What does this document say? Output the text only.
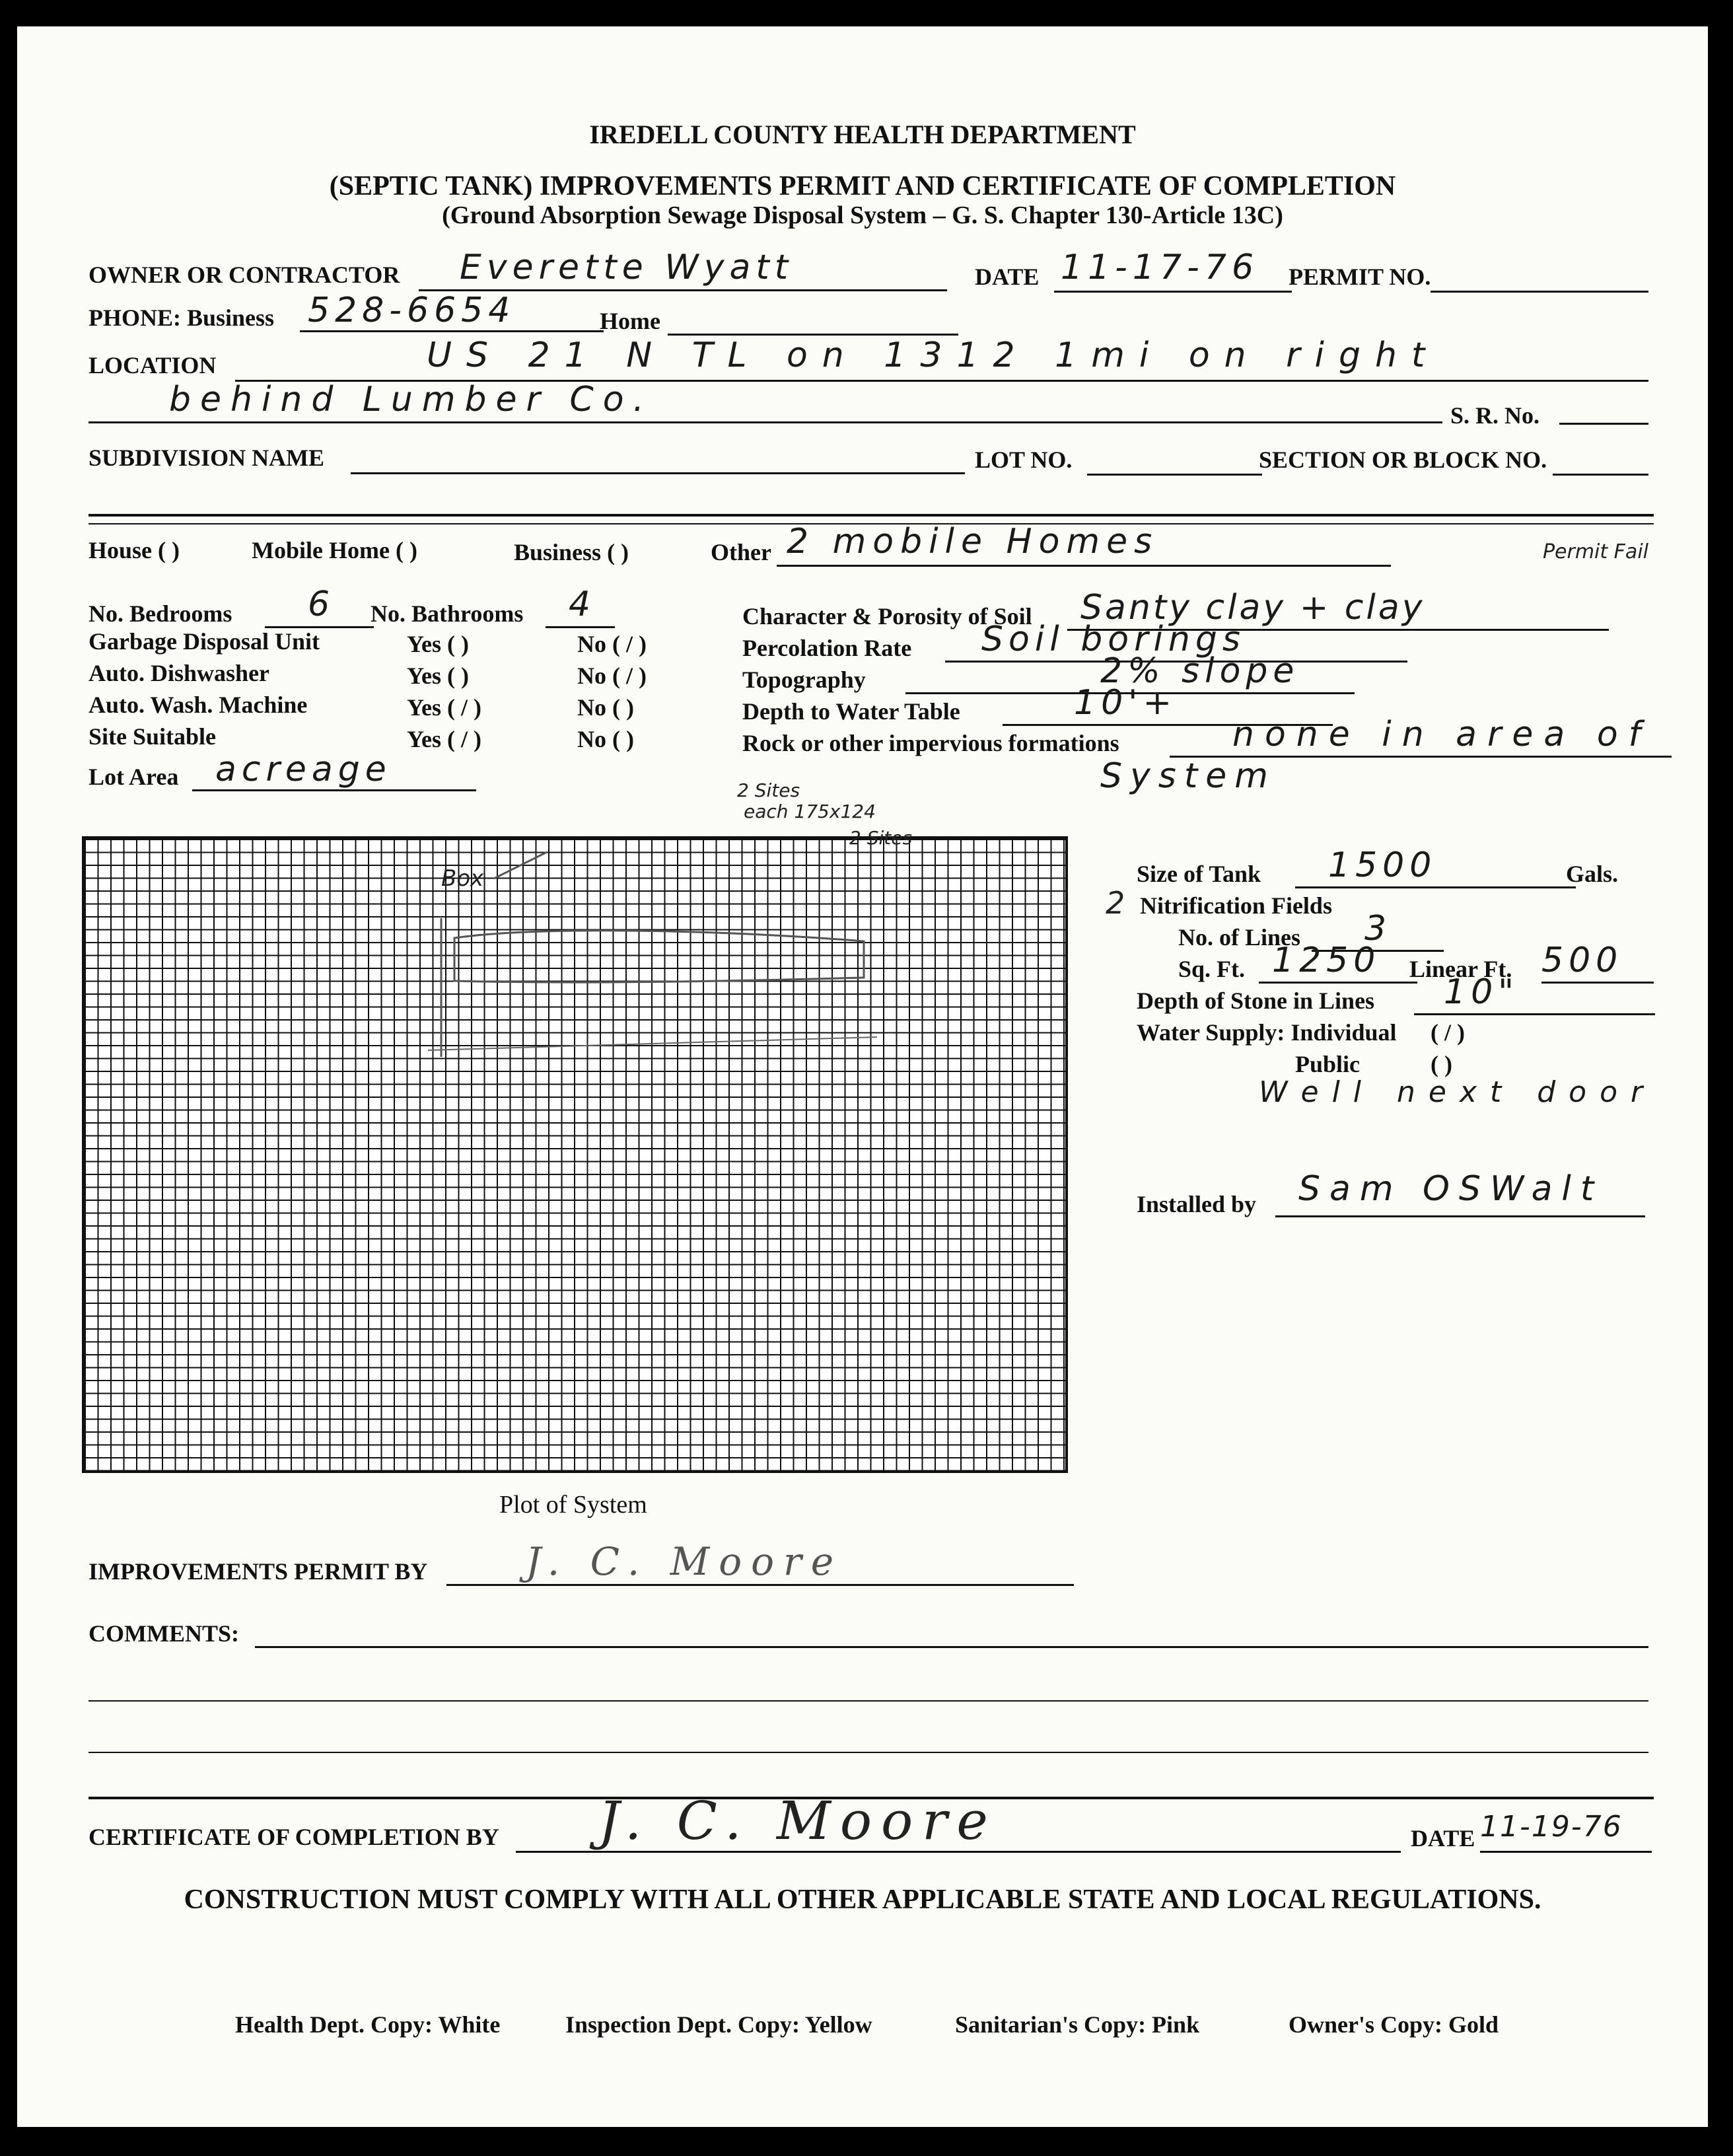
IREDELL COUNTY HEALTH DEPARTMENT
(SEPTIC TANK) IMPROVEMENTS PERMIT AND CERTIFICATE OF COMPLETION
(Ground Absorption Sewage Disposal System – G. S. Chapter 130-Article 13C)
OWNER OR CONTRACTOR Everette Wyatt	DATE 11-17-76 PERMIT NO.
PHONE: Business 528-6654	Home
LOCATION	US 21 N TL on 1312 1mi on right
behind Lumber Co.	S. R. No.
SUBDIVISION NAME	LOT NO.	SECTION OR BLOCK NO.
House ( )	Mobile Home ( )	Business ( )	Other 2 mobile Homes	Permit Fail
No. Bedrooms 6 No. Bathrooms 4
Garbage Disposal Unit	Yes ( )	No ( / )
Auto. Dishwasher	Yes ( )	No ( / )
Auto. Wash. Machine	Yes ( / )	No ( )
Site Suitable	Yes ( / )	No ( )
Lot Area acreage
Character & Porosity of Soil Santy clay + clay
Percolation Rate Soil borings
Topography	2% slope
Depth to Water Table	10'+
Rock or other impervious formations	none in area of
System
Box
2 Sites
each 175x124
2 Sites
Plot of System
Size of Tank 1500	Gals.
2 Nitrification Fields
No. of Lines 3
Sq. Ft. 1250 Linear Ft. 500
Depth of Stone in Lines 10"
Water Supply: Individual ( / )
Public	( )
Well next door
Installed by Sam OSWalt
IMPROVEMENTS PERMIT BY	J. C. Moore
COMMENTS:
CERTIFICATE OF COMPLETION BY J. C. Moore	DATE 11-19-76
CONSTRUCTION MUST COMPLY WITH ALL OTHER APPLICABLE STATE AND LOCAL REGULATIONS.
Health Dept. Copy: White	Inspection Dept. Copy: Yellow	Sanitarian's Copy: Pink	Owner's Copy: Gold
